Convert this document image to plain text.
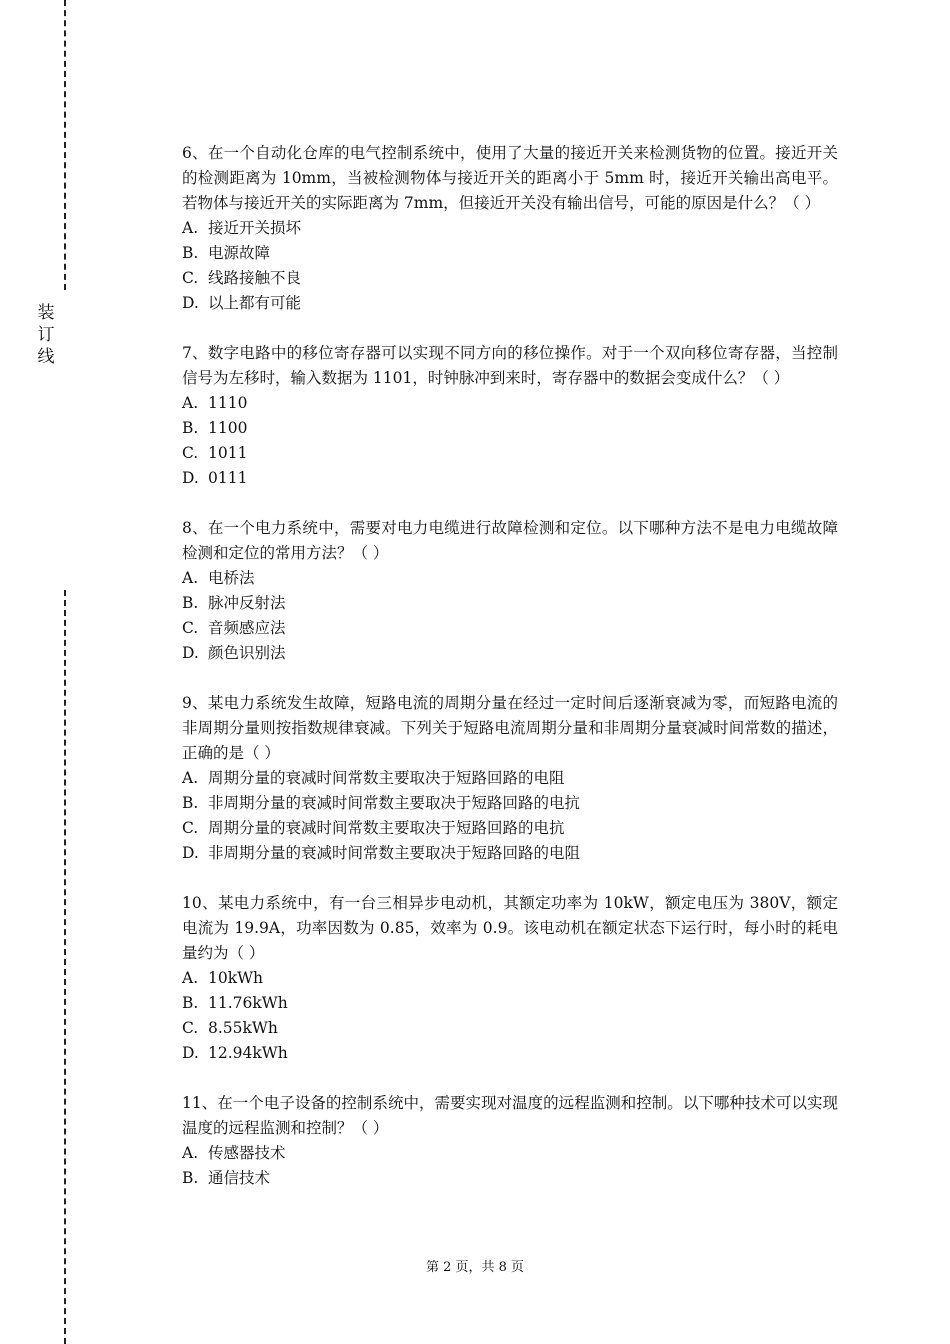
装
订
线

6、在一个自动化仓库的电气控制系统中，使用了大量的接近开关来检测货物的位置。接近开关的检测距离为 10mm，当被检测物体与接近开关的距离小于 5mm 时，接近开关输出高电平。若物体与接近开关的实际距离为 7mm，但接近开关没有输出信号，可能的原因是什么？（ ）

A. 接近开关损坏

B. 电源故障

C. 线路接触不良

D. 以上都有可能

7、数字电路中的移位寄存器可以实现不同方向的移位操作。对于一个双向移位寄存器，当控制信号为左移时，输入数据为 1101，时钟脉冲到来时，寄存器中的数据会变成什么？（ ）

A. 1110

B. 1100

C. 1011

D. 0111

8、在一个电力系统中，需要对电力电缆进行故障检测和定位。以下哪种方法不是电力电缆故障检测和定位的常用方法？（ ）

A. 电桥法

B. 脉冲反射法

C. 音频感应法

D. 颜色识别法

9、某电力系统发生故障，短路电流的周期分量在经过一定时间后逐渐衰减为零，而短路电流的非周期分量则按指数规律衰减。下列关于短路电流周期分量和非周期分量衰减时间常数的描述，正确的是（ ）

A. 周期分量的衰减时间常数主要取决于短路回路的电阻

B. 非周期分量的衰减时间常数主要取决于短路回路的电抗

C. 周期分量的衰减时间常数主要取决于短路回路的电抗

D. 非周期分量的衰减时间常数主要取决于短路回路的电阻

10、某电力系统中，有一台三相异步电动机，其额定功率为 10kW，额定电压为 380V，额定电流为 19.9A，功率因数为 0.85，效率为 0.9。该电动机在额定状态下运行时，每小时的耗电量约为（ ）

A. 10kWh

B. 11.76kWh

C. 8.55kWh

D. 12.94kWh

11、在一个电子设备的控制系统中，需要实现对温度的远程监测和控制。以下哪种技术可以实现温度的远程监测和控制？（ ）

A. 传感器技术

B. 通信技术

第 2 页，共 8 页
